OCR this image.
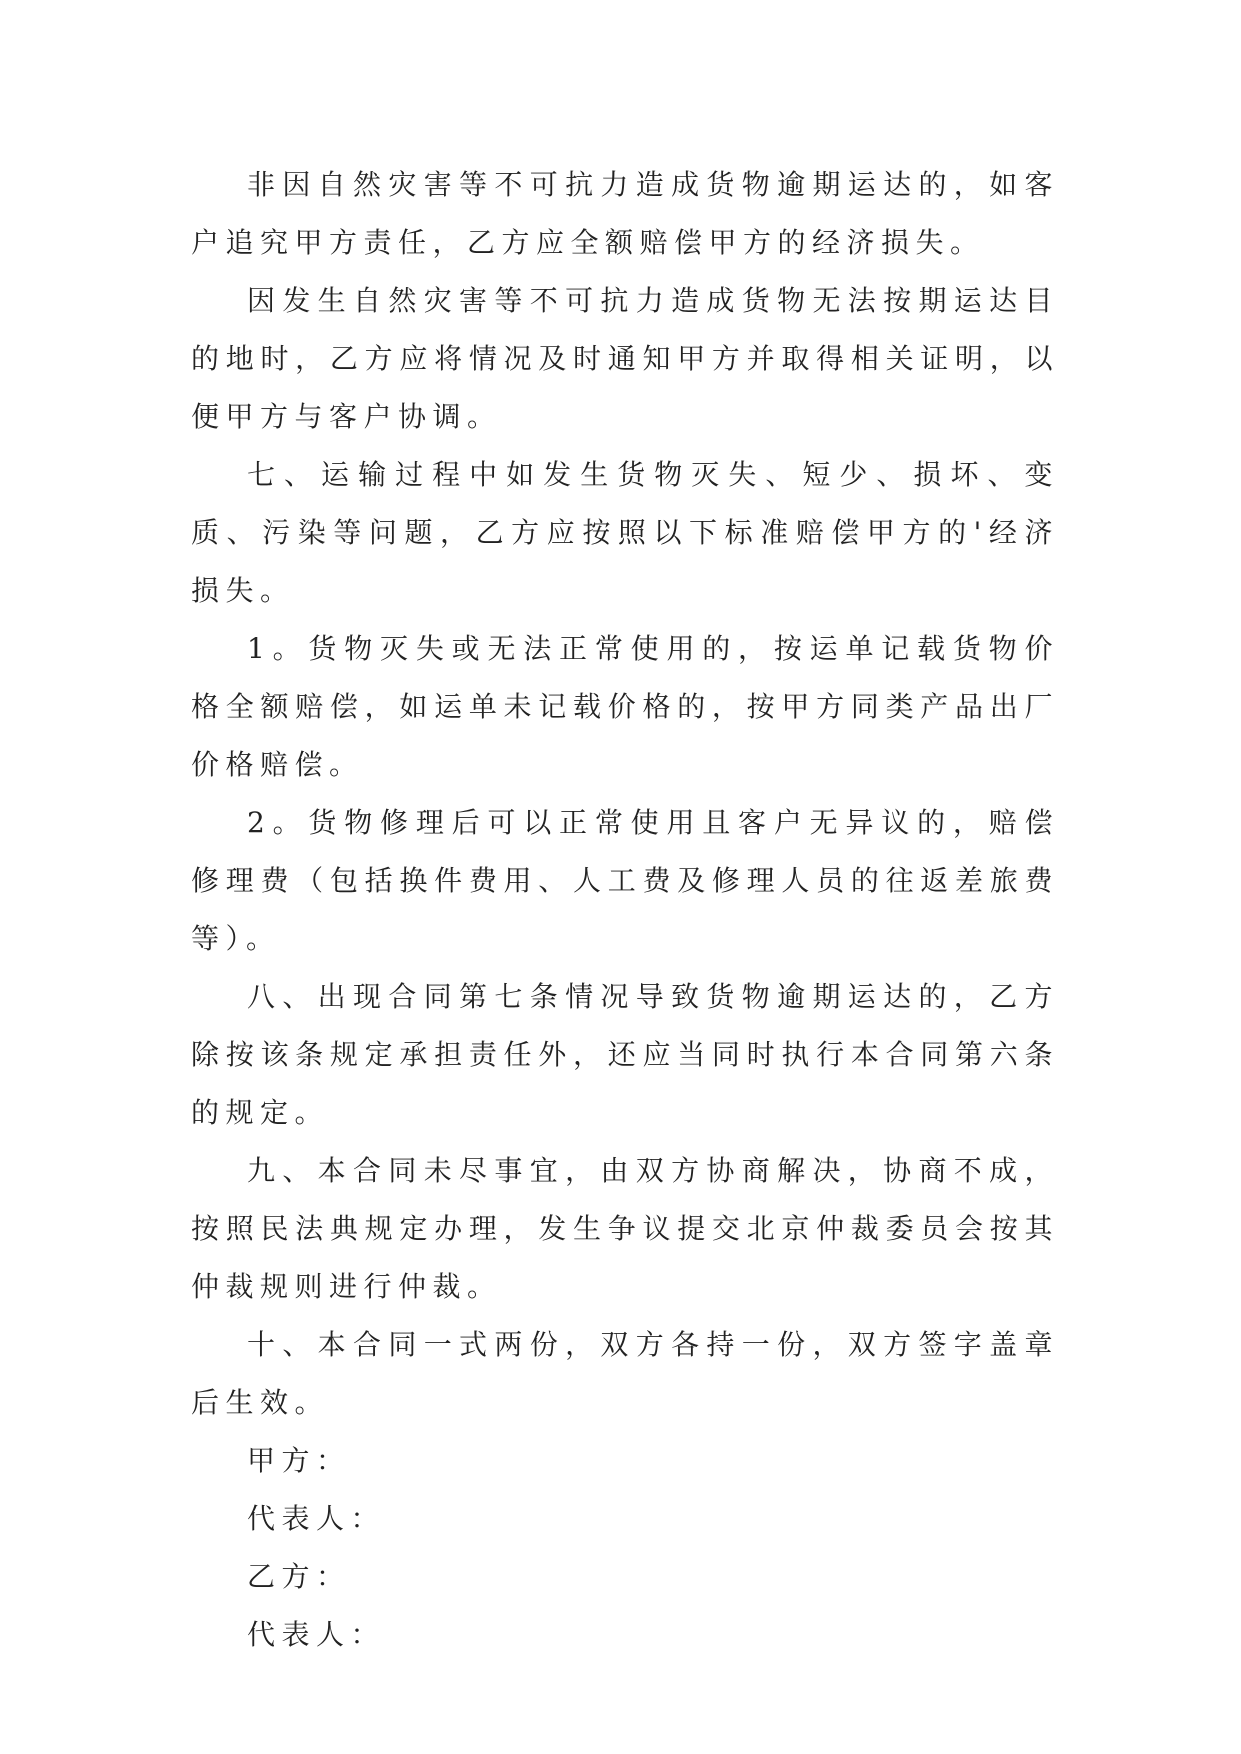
非因自然灾害等不可抗力造成货物逾期运达的，如客户追究甲方责任，乙方应全额赔偿甲方的经济损失。

因发生自然灾害等不可抗力造成货物无法按期运达目的地时，乙方应将情况及时通知甲方并取得相关证明，以便甲方与客户协调。

七、运输过程中如发生货物灭失、短少、损坏、变质、污染等问题，乙方应按照以下标准赔偿甲方的'经济损失。

1。货物灭失或无法正常使用的，按运单记载货物价格全额赔偿，如运单未记载价格的，按甲方同类产品出厂价格赔偿。

2。货物修理后可以正常使用且客户无异议的，赔偿修理费（包括换件费用、人工费及修理人员的往返差旅费等）。

八、出现合同第七条情况导致货物逾期运达的，乙方除按该条规定承担责任外，还应当同时执行本合同第六条的规定。

九、本合同未尽事宜，由双方协商解决，协商不成，按照民法典规定办理，发生争议提交北京仲裁委员会按其仲裁规则进行仲裁。

十、本合同一式两份，双方各持一份，双方签字盖章后生效。

甲方：

代表人：

乙方：

代表人：
